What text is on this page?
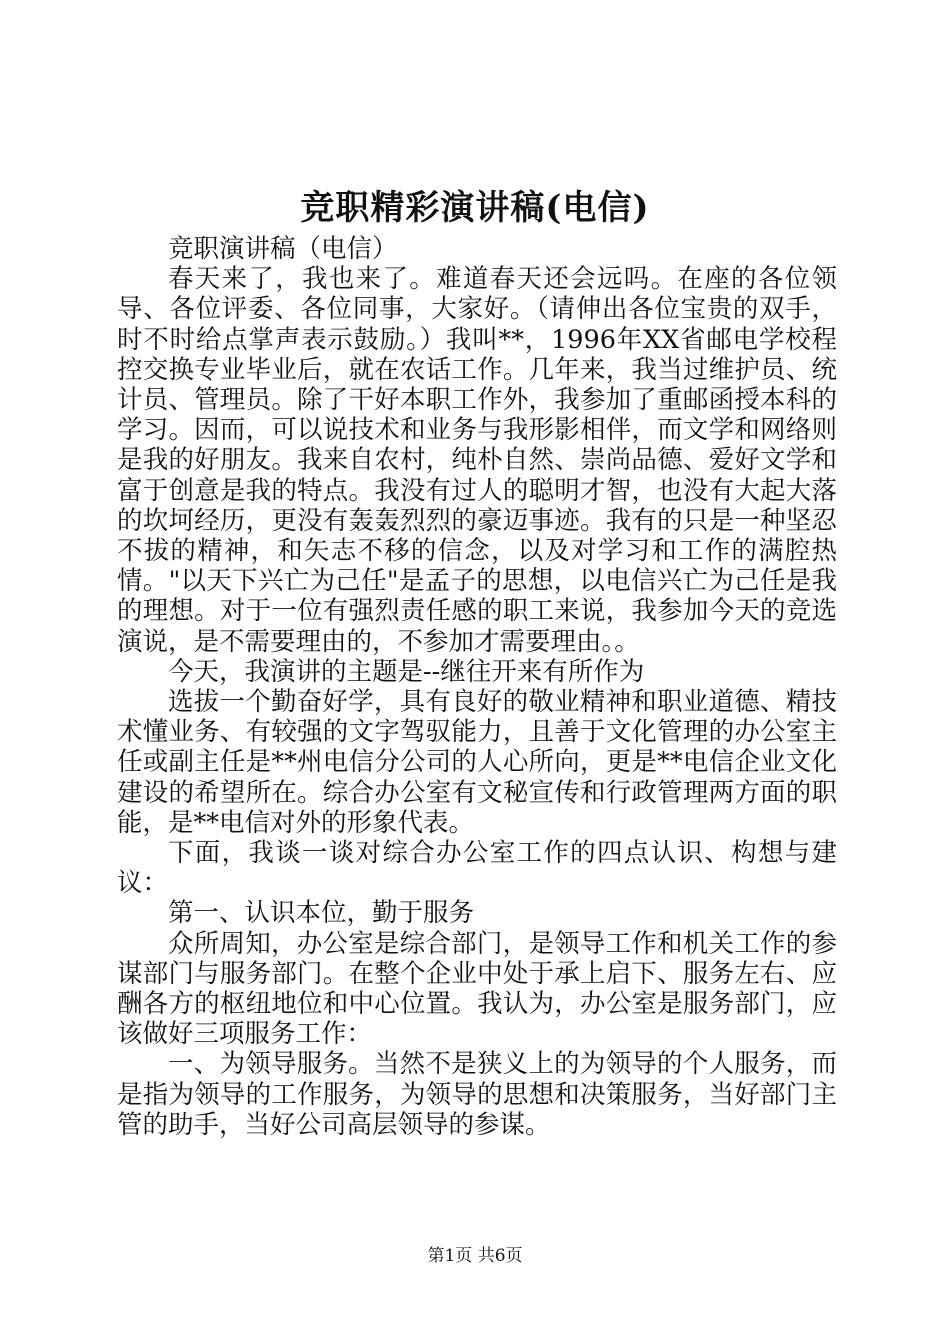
竞职精彩演讲稿(电信)

竞职演讲稿（电信）

春天来了，我也来了。难道春天还会远吗。在座的各位领导、各位评委、各位同事，大家好。（请伸出各位宝贵的双手，时不时给点掌声表示鼓励。）我叫**，1996年XX省邮电学校程控交换专业毕业后，就在农话工作。几年来，我当过维护员、统计员、管理员。除了干好本职工作外，我参加了重邮函授本科的学习。因而，可以说技术和业务与我形影相伴，而文学和网络则是我的好朋友。我来自农村，纯朴自然、崇尚品德、爱好文学和富于创意是我的特点。我没有过人的聪明才智，也没有大起大落的坎坷经历，更没有轰轰烈烈的豪迈事迹。我有的只是一种坚忍不拔的精神，和矢志不移的信念，以及对学习和工作的满腔热情。"以天下兴亡为己任"是孟子的思想，以电信兴亡为己任是我的理想。对于一位有强烈责任感的职工来说，我参加今天的竞选演说，是不需要理由的，不参加才需要理由。。

今天，我演讲的主题是--继往开来有所作为

选拔一个勤奋好学，具有良好的敬业精神和职业道德、精技术懂业务、有较强的文字驾驭能力，且善于文化管理的办公室主任或副主任是**州电信分公司的人心所向，更是**电信企业文化建设的希望所在。综合办公室有文秘宣传和行政管理两方面的职能，是**电信对外的形象代表。

下面，我谈一谈对综合办公室工作的四点认识、构想与建议：

第一、认识本位，勤于服务

众所周知，办公室是综合部门，是领导工作和机关工作的参谋部门与服务部门。在整个企业中处于承上启下、服务左右、应酬各方的枢纽地位和中心位置。我认为，办公室是服务部门，应该做好三项服务工作：

一、为领导服务。当然不是狭义上的为领导的个人服务，而是指为领导的工作服务，为领导的思想和决策服务，当好部门主管的助手，当好公司高层领导的参谋。

第1页 共6页
